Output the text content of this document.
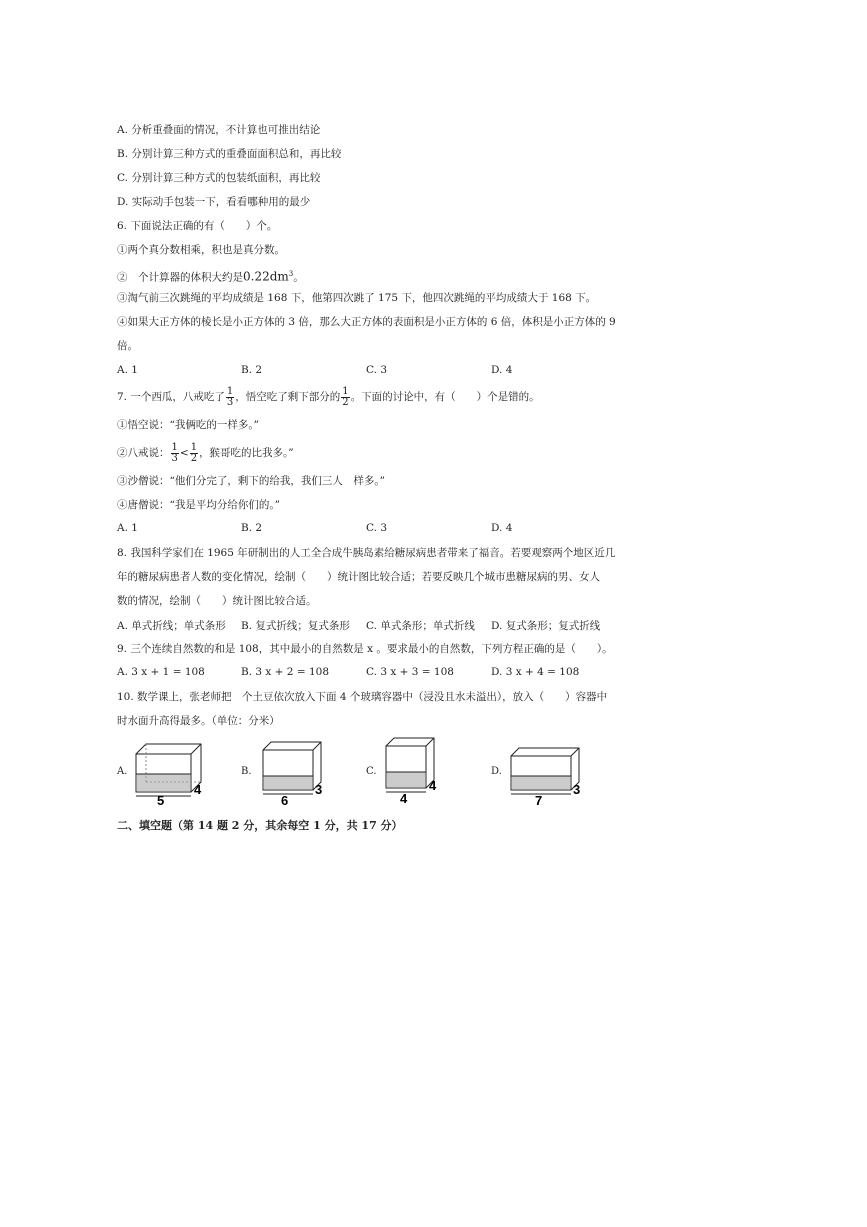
A. 分析重叠面的情况，不计算也可推出结论
B. 分别计算三种方式的重叠面面积总和，再比较
C. 分别计算三种方式的包装纸面积，再比较
D. 实际动手包装一下，看看哪种用的最少
6. 下面说法正确的有（　　）个。
①两个真分数相乘，积也是真分数。
②　个计算器的体积大约是$0.22dm^3$。
③淘气前三次跳绳的平均成绩是 168 下，他第四次跳了 175 下，他四次跳绳的平均成绩大于 168 下。
④如果大正方体的棱长是小正方体的 3 倍，那么大正方体的表面积是小正方体的 6 倍，体积是小正方体的 9
倍。
A. 1	B. 2	C. 3	D. 4
7. 一个西瓜，八戒吃了 $\frac{1}{3}$ ，悟空吃了剩下部分的 $\frac{1}{2}$ 。下面的讨论中，有（　　）个是错的。
①悟空说：“我俩吃的一样多。”
②八戒说： $\frac{1}{3} < \frac{1}{2}$ ，猴哥吃的比我多。”
③沙僧说：“他们分完了，剩下的给我，我们三人　样多。”
④唐僧说：“我是平均分给你们的。”
A. 1	B. 2	C. 3	D. 4
8. 我国科学家们在 1965 年研制出的人工全合成牛胰岛素给糖尿病患者带来了福音。若要观察两个地区近几
年的糖尿病患者人数的变化情况，绘制（　　）统计图比较合适；若要反映几个城市患糖尿病的男、女人
数的情况，绘制（　　）统计图比较合适。
A. 单式折线；单式条形 B. 复式折线；复式条形 C. 单式条形；单式折线 D. 复式条形；复式折线
9. 三个连续自然数的和是 108，其中最小的自然数是 x 。要求最小的自然数，下列方程正确的是（　　）。
A. 3 x + 1 = 108	B. 3 x + 2 = 108	C. 3 x + 3 = 108	D. 3 x + 4 = 108
10. 数学课上，张老师把　个土豆依次放入下面 4 个玻璃容器中（浸没且水未溢出），放入（　　）容器中
时水面升高得最多。（单位：分米）
A.
5
4
B.
6
3
C.
4
4
D.
7
3
二、填空题（第 14 题 2 分，其余每空 1 分，共 17 分）
